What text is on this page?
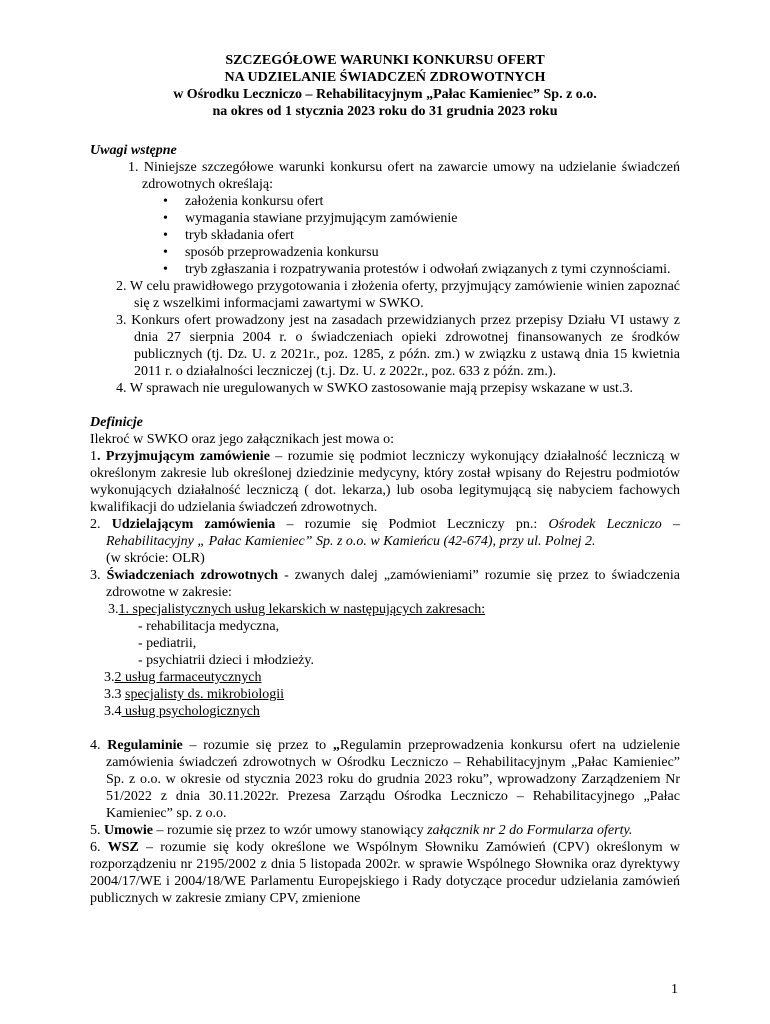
SZCZEGÓŁOWE WARUNKI KONKURSU OFERT
NA UDZIELANIE ŚWIADCZEŃ ZDROWOTNYCH
w Ośrodku Leczniczo – Rehabilitacyjnym „Pałac Kamieniec” Sp. z o.o.
na okres od 1 stycznia 2023 roku do 31 grudnia 2023 roku
Uwagi wstępne
1. Niniejsze szczegółowe warunki konkursu ofert na zawarcie umowy na udzielanie świadczeń zdrowotnych określają:
• założenia konkursu ofert
• wymagania stawiane przyjmującym zamówienie
• tryb składania ofert
• sposób przeprowadzenia konkursu
• tryb zgłaszania i rozpatrywania protestów i odwołań związanych z tymi czynnościami.
2. W celu prawidłowego przygotowania i złożenia oferty, przyjmujący zamówienie winien zapoznać się z wszelkimi informacjami zawartymi w SWKO.
3. Konkurs ofert prowadzony jest na zasadach przewidzianych przez przepisy Działu VI ustawy z dnia 27 sierpnia 2004 r. o świadczeniach opieki zdrowotnej finansowanych ze środków publicznych (tj. Dz. U. z 2021r., poz. 1285, z późn. zm.) w związku z ustawą dnia 15 kwietnia 2011 r. o działalności leczniczej (t.j. Dz. U. z 2022r., poz. 633 z późn. zm.).
4. W sprawach nie uregulowanych w SWKO zastosowanie mają przepisy wskazane w ust.3.
Definicje
Ilekroć w SWKO oraz jego załącznikach jest mowa o:
1. Przyjmującym zamówienie – rozumie się podmiot leczniczy wykonujący działalność leczniczą w określonym zakresie lub określonej dziedzinie medycyny, który został wpisany do Rejestru podmiotów wykonujących działalność leczniczą ( dot. lekarza,) lub osoba legitymującą się nabyciem fachowych kwalifikacji do udzielania świadczeń zdrowotnych.
2. Udzielającym zamówienia – rozumie się Podmiot Leczniczy pn.: Ośrodek Leczniczo – Rehabilitacyjny „ Pałac Kamieniec” Sp. z o.o. w Kamieńcu (42-674), przy ul. Polnej 2.
(w skrócie: OLR)
3. Świadczeniach zdrowotnych - zwanych dalej „zamówieniami” rozumie się przez to świadczenia zdrowotne w zakresie:
3.1. specjalistycznych usług lekarskich w następujących zakresach:
- rehabilitacja medyczna,
- pediatrii,
- psychiatrii dzieci i młodzieży.
3.2 usług farmaceutycznych
3.3 specjalisty ds. mikrobiologii
3.4 usług psychologicznych
4. Regulaminie – rozumie się przez to „Regulamin przeprowadzenia konkursu ofert na udzielenie zamówienia świadczeń zdrowotnych w Ośrodku Leczniczo – Rehabilitacyjnym „Pałac Kamieniec” Sp. z o.o. w okresie od stycznia 2023 roku do grudnia 2023 roku”, wprowadzony Zarządzeniem Nr 51/2022 z dnia 30.11.2022r. Prezesa Zarządu Ośrodka Leczniczo – Rehabilitacyjnego „Pałac Kamieniec” sp. z o.o.
5. Umowie – rozumie się przez to wzór umowy stanowiący załącznik nr 2 do Formularza oferty.
6. WSZ – rozumie się kody określone we Wspólnym Słowniku Zamówień (CPV) określonym w rozporządzeniu nr 2195/2002 z dnia 5 listopada 2002r. w sprawie Wspólnego Słownika oraz dyrektywy 2004/17/WE i 2004/18/WE Parlamentu Europejskiego i Rady dotyczące procedur udzielania zamówień publicznych w zakresie zmiany CPV, zmienione
1
